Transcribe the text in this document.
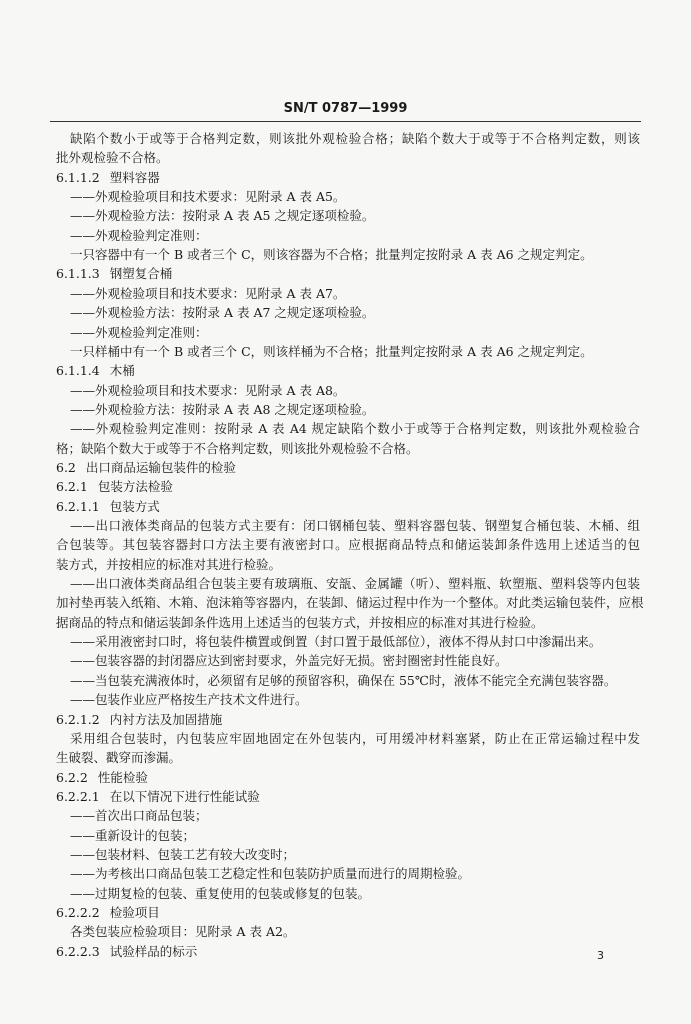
SN/T 0787—1999
缺陷个数小于或等于合格判定数，则该批外观检验合格；缺陷个数大于或等于不合格判定数，则该
批外观检验不合格。
6.1.1.2 塑料容器
——外观检验项目和技术要求：见附录 A 表 A5。
——外观检验方法：按附录 A 表 A5 之规定逐项检验。
——外观检验判定准则：
一只容器中有一个 B 或者三个 C，则该容器为不合格；批量判定按附录 A 表 A6 之规定判定。
6.1.1.3 钢塑复合桶
——外观检验项目和技术要求：见附录 A 表 A7。
——外观检验方法：按附录 A 表 A7 之规定逐项检验。
——外观检验判定准则：
一只样桶中有一个 B 或者三个 C，则该样桶为不合格；批量判定按附录 A 表 A6 之规定判定。
6.1.1.4 木桶
——外观检验项目和技术要求：见附录 A 表 A8。
——外观检验方法：按附录 A 表 A8 之规定逐项检验。
——外观检验判定准则：按附录 A 表 A4 规定缺陷个数小于或等于合格判定数，则该批外观检验合
格；缺陷个数大于或等于不合格判定数，则该批外观检验不合格。
6.2 出口商品运输包装件的检验
6.2.1 包装方法检验
6.2.1.1 包装方式
——出口液体类商品的包装方式主要有：闭口钢桶包装、塑料容器包装、钢塑复合桶包装、木桶、组
合包装等。其包装容器封口方法主要有液密封口。应根据商品特点和储运装卸条件选用上述适当的包
装方式，并按相应的标准对其进行检验。
——出口液体类商品组合包装主要有玻璃瓶、安瓿、金属罐（听）、塑料瓶、软塑瓶、塑料袋等内包装
加衬垫再装入纸箱、木箱、泡沫箱等容器内，在装卸、储运过程中作为一个整体。对此类运输包装件，应根
据商品的特点和储运装卸条件选用上述适当的包装方式，并按相应的标准对其进行检验。
——采用液密封口时，将包装件横置或倒置（封口置于最低部位），液体不得从封口中渗漏出来。
——包装容器的封闭器应达到密封要求，外盖完好无损。密封圈密封性能良好。
——当包装充满液体时，必须留有足够的预留容积，确保在 55℃时，液体不能完全充满包装容器。
——包装作业应严格按生产技术文件进行。
6.2.1.2 内衬方法及加固措施
采用组合包装时，内包装应牢固地固定在外包装内，可用缓冲材料塞紧，防止在正常运输过程中发
生破裂、戳穿而渗漏。
6.2.2 性能检验
6.2.2.1 在以下情况下进行性能试验
——首次出口商品包装；
——重新设计的包装；
——包装材料、包装工艺有较大改变时；
——为考核出口商品包装工艺稳定性和包装防护质量而进行的周期检验。
——过期复检的包装、重复使用的包装或修复的包装。
6.2.2.2 检验项目
各类包装应检验项目：见附录 A 表 A2。
6.2.2.3 试验样品的标示	3
